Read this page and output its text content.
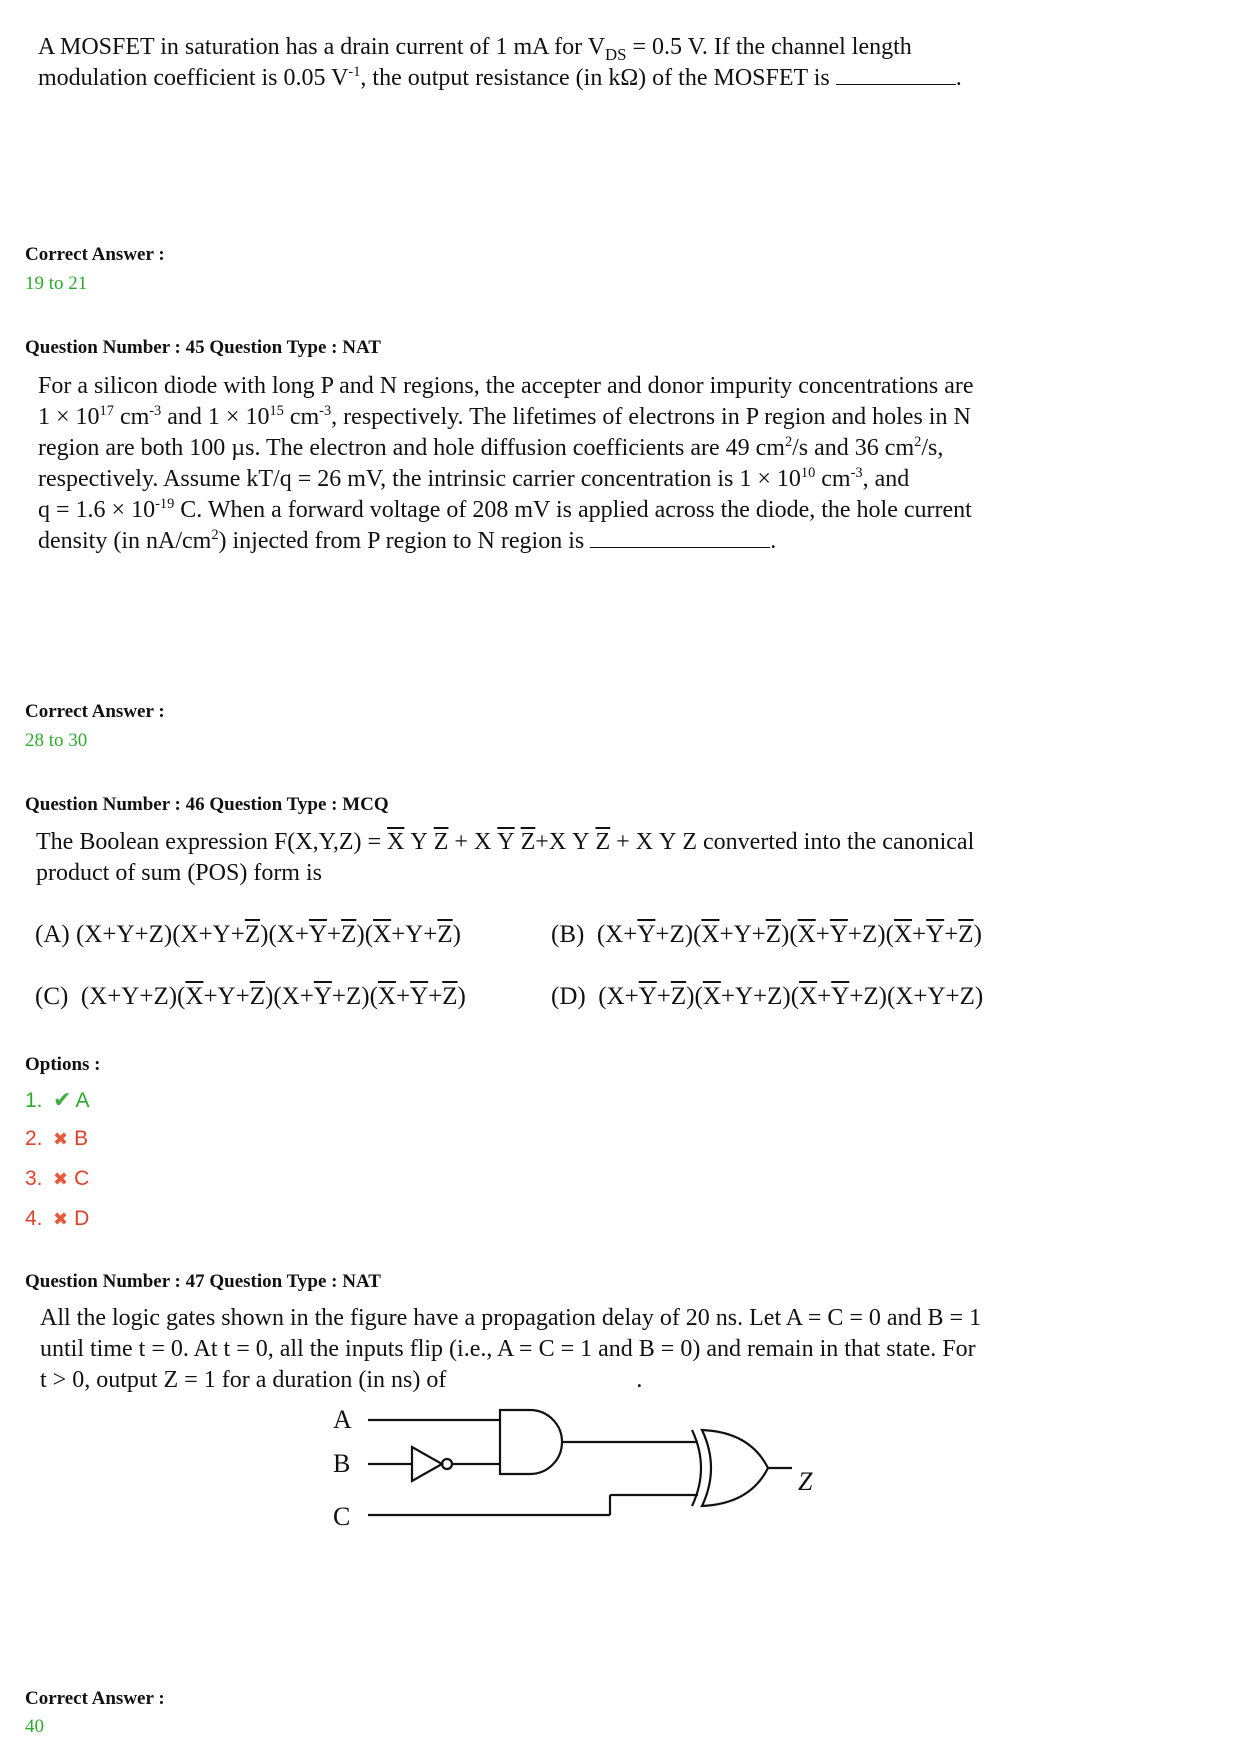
A MOSFET in saturation has a drain current of 1 mA for $V_{DS} = 0.5$ V. If the channel length
modulation coefficient is 0.05 $V^{-1}$, the output resistance (in kΩ) of the MOSFET is	.
Correct Answer :
19 to 21
Question Number : 45 Question Type : NAT
For a silicon diode with long P and N regions, the accepter and donor impurity concentrations are
$1 \times 10^{17}$ $cm^{-3}$ and $1 \times 10^{15}$ $cm^{-3}$, respectively. The lifetimes of electrons in P region and holes in N
region are both 100 µs. The electron and hole diffusion coefficients are 49 $cm^2/s$ and 36 $cm^2/s$,
respectively. Assume kT/q = 26 mV, the intrinsic carrier concentration is $1 \times 10^{10}$ $cm^{-3}$, and
$q = 1.6 \times 10^{-19}$ C. When a forward voltage of 208 mV is applied across the diode, the hole current
density (in $nA/cm^2$) injected from P region to N region is	.
Correct Answer :
28 to 30
Question Number : 46 Question Type : MCQ
The Boolean expression $F(X,Y,Z) = \overline{X}$ Y $\overline{Z} + X$ $\overline{Y}$ $\overline{Z}+X$ Y $\overline{Z} + X$ Y Z converted into the canonical
product of sum (POS) form is
(A) $(X+Y+Z)(X+Y+\overline{Z})(X+\overline{Y}+\overline{Z})(\overline{X}+Y+\overline{Z})$	(B)  $(X+\overline{Y}+Z)(\overline{X}+Y+\overline{Z})(\overline{X}+\overline{Y}+Z)(\overline{X}+\overline{Y}+\overline{Z})$
(C)  $(X+Y+Z)(\overline{X}+Y+\overline{Z})(X+\overline{Y}+Z)(\overline{X}+\overline{Y}+\overline{Z})$	(D)  $(X+\overline{Y}+\overline{Z})(\overline{X}+Y+Z)(\overline{X}+\overline{Y}+Z)(X+Y+Z)$
Options :
1. ✔ A
2. ✖ B
3. ✖ C
4. ✖ D
Question Number : 47 Question Type : NAT
All the logic gates shown in the figure have a propagation delay of 20 ns. Let A = C = 0 and B = 1
until time t = 0. At t = 0, all the inputs flip (i.e., A = C = 1 and B = 0) and remain in that state. For
t > 0, output Z = 1 for a duration (in ns) of	.
A
B
C
Z
Correct Answer :
40
